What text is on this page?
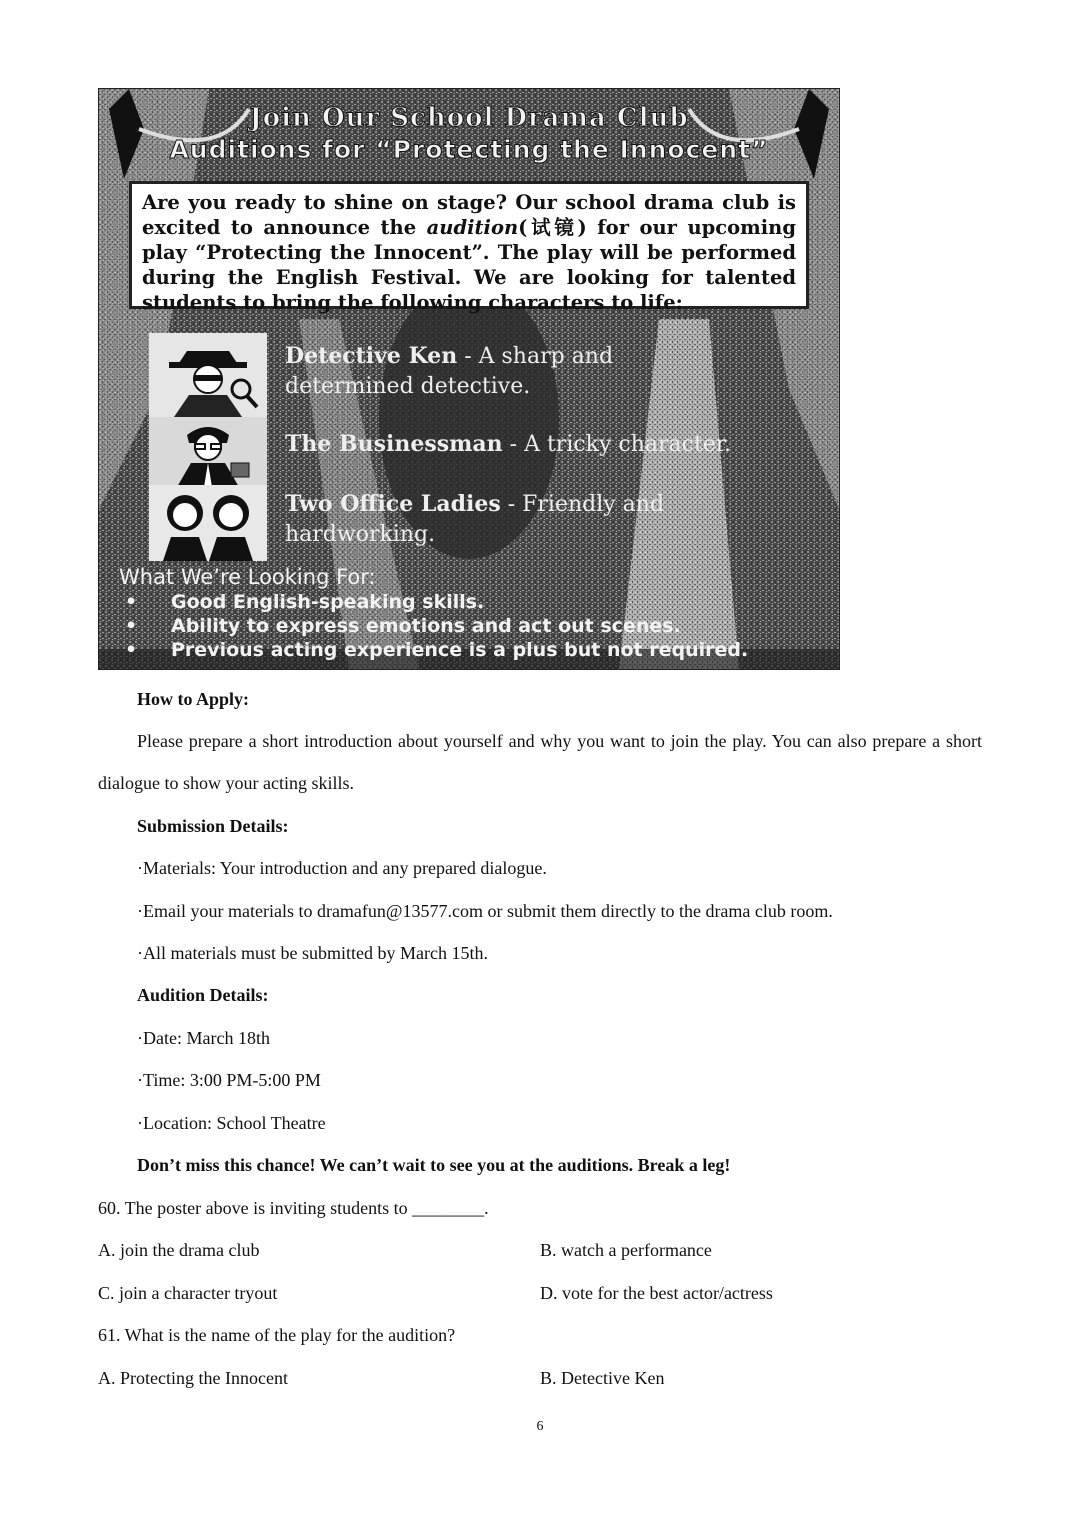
Join Our School Drama Club
Auditions for “Protecting the Innocent”
Are you ready to shine on stage? Our school drama club is excited to announce the audition(试镜) for our upcoming play “Protecting the Innocent”. The play will be performed during the English Festival. We are looking for talented students to bring the following characters to life:
Detective Ken - A sharp and determined detective.
The Businessman - A tricky character.
Two Office Ladies - Friendly and hardworking.
What We’re Looking For:
• Good English-speaking skills.
• Ability to express emotions and act out scenes.
• Previous acting experience is a plus but not required.
How to Apply:
Please prepare a short introduction about yourself and why you want to join the play. You can also prepare a short dialogue to show your acting skills.
Submission Details:
·Materials: Your introduction and any prepared dialogue.
·Email your materials to dramafun@13577.com or submit them directly to the drama club room.
·All materials must be submitted by March 15th.
Audition Details:
·Date: March 18th
·Time: 3:00 PM-5:00 PM
·Location: School Theatre
Don’t miss this chance! We can’t wait to see you at the auditions. Break a leg!
60. The poster above is inviting students to ________.
A. join the drama club	B. watch a performance
C. join a character tryout	D. vote for the best actor/actress
61. What is the name of the play for the audition?
A. Protecting the Innocent	B. Detective Ken
6
